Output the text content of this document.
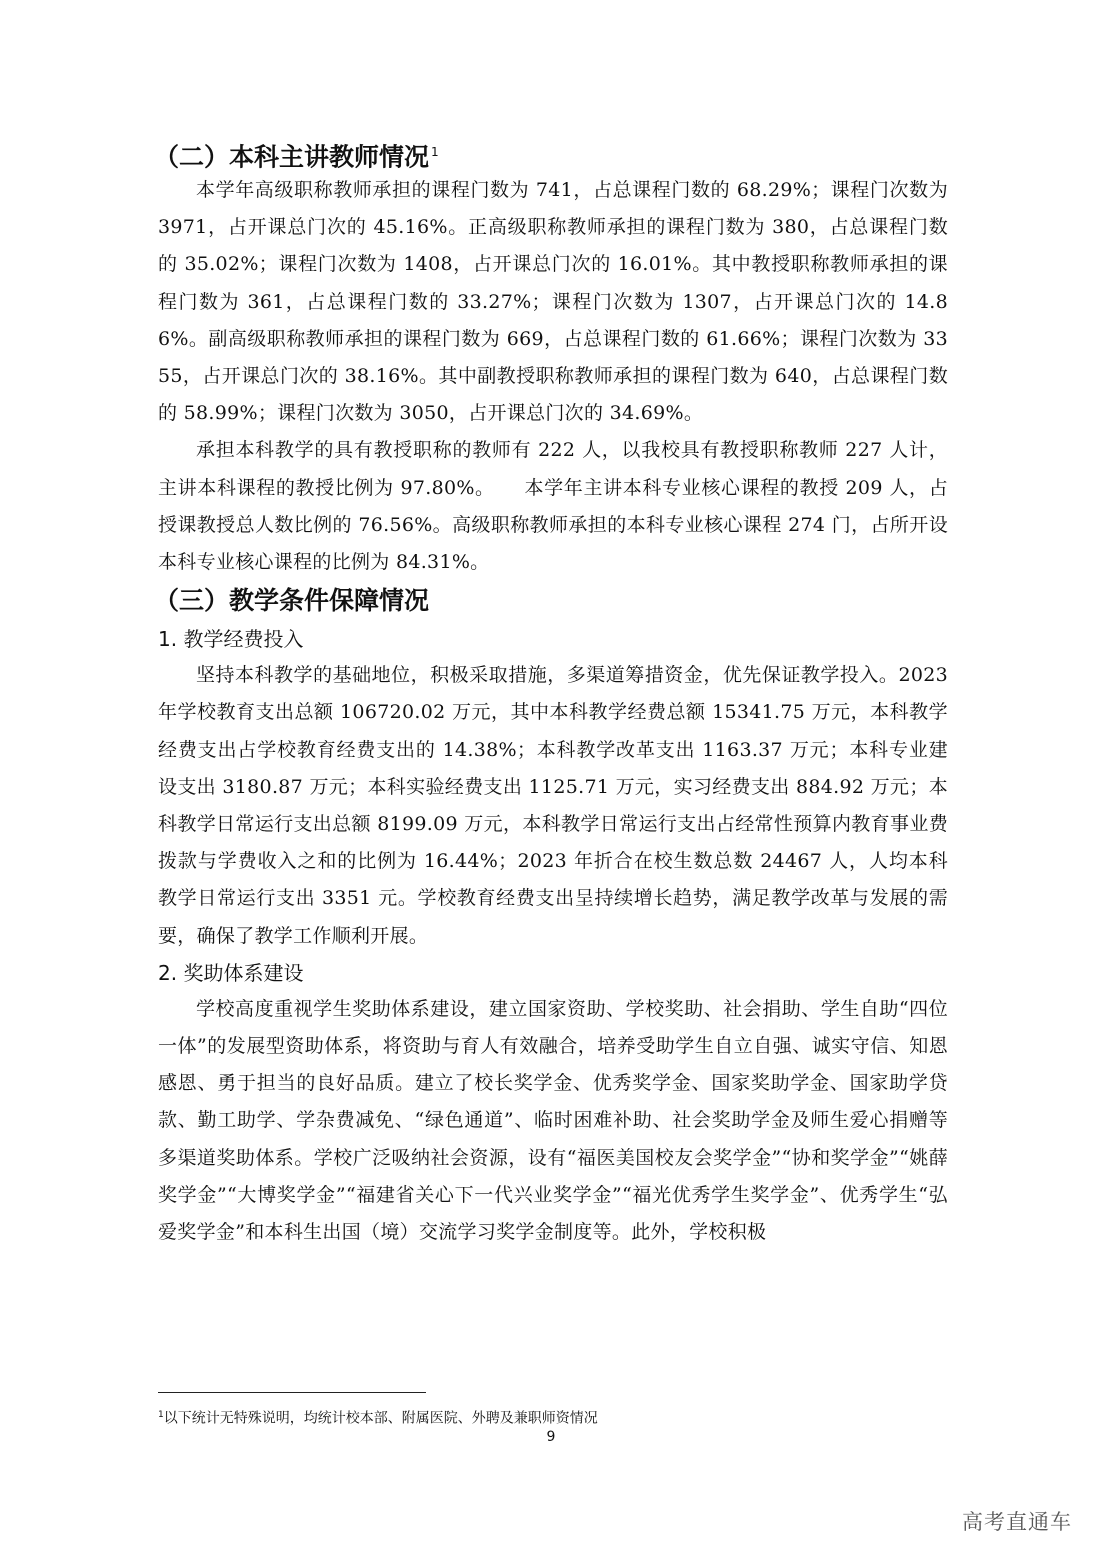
（二）本科主讲教师情况 $^1$

本学年高级职称教师承担的课程门数为 741，占总课程门数的 68.29%；课程门次数为 3971，占开课总门次的 45.16%。正高级职称教师承担的课程门数为 380，占总课程门数的 35.02%；课程门次数为 1408，占开课总门次的 16.01%。其中教授职称教师承担的课程门数为 361，占总课程门数的 33.27%；课程门次数为 1307，占开课总门次的 14.86%。副高级职称教师承担的课程门数为 669，占总课程门数的 61.66%；课程门次数为 3355，占开课总门次的 38.16%。其中副教授职称教师承担的课程门数为 640，占总课程门数的 58.99%；课程门次数为 3050，占开课总门次的 34.69%。

承担本科教学的具有教授职称的教师有 222 人，以我校具有教授职称教师 227 人计，主讲本科课程的教授比例为 97.80%。　　本学年主讲本科专业核心课程的教授 209 人，占授课教授总人数比例的 76.56%。高级职称教师承担的本科专业核心课程 274 门，占所开设本科专业核心课程的比例为 84.31%。

（三）教学条件保障情况
1. 教学经费投入

坚持本科教学的基础地位，积极采取措施，多渠道筹措资金，优先保证教学投入。2023 年学校教育支出总额 106720.02 万元，其中本科教学经费总额 15341.75 万元，本科教学经费支出占学校教育经费支出的 14.38%；本科教学改革支出 1163.37 万元；本科专业建设支出 3180.87 万元；本科实验经费支出 1125.71 万元，实习经费支出 884.92 万元；本科教学日常运行支出总额 8199.09 万元，本科教学日常运行支出占经常性预算内教育事业费拨款与学费收入之和的比例为 16.44%；2023 年折合在校生数总数 24467 人，人均本科教学日常运行支出 3351 元。学校教育经费支出呈持续增长趋势，满足教学改革与发展的需要，确保了教学工作顺利开展。

2. 奖助体系建设

学校高度重视学生奖助体系建设，建立国家资助、学校奖助、社会捐助、学生自助“四位一体”的发展型资助体系，将资助与育人有效融合，培养受助学生自立自强、诚实守信、知恩感恩、勇于担当的良好品质。建立了校长奖学金、优秀奖学金、国家奖助学金、国家助学贷款、勤工助学、学杂费减免、“绿色通道”、临时困难补助、社会奖助学金及师生爱心捐赠等多渠道奖助体系。学校广泛吸纳社会资源，设有“福医美国校友会奖学金”“协和奖学金”“姚薛奖学金”“大博奖学金”“福建省关心下一代兴业奖学金”“福光优秀学生奖学金”、优秀学生“弘爱奖学金”和本科生出国（境）交流学习奖学金制度等。此外，学校积极

$^1$以下统计无特殊说明，均统计校本部、附属医院、外聘及兼职师资情况
9
高考直通车
